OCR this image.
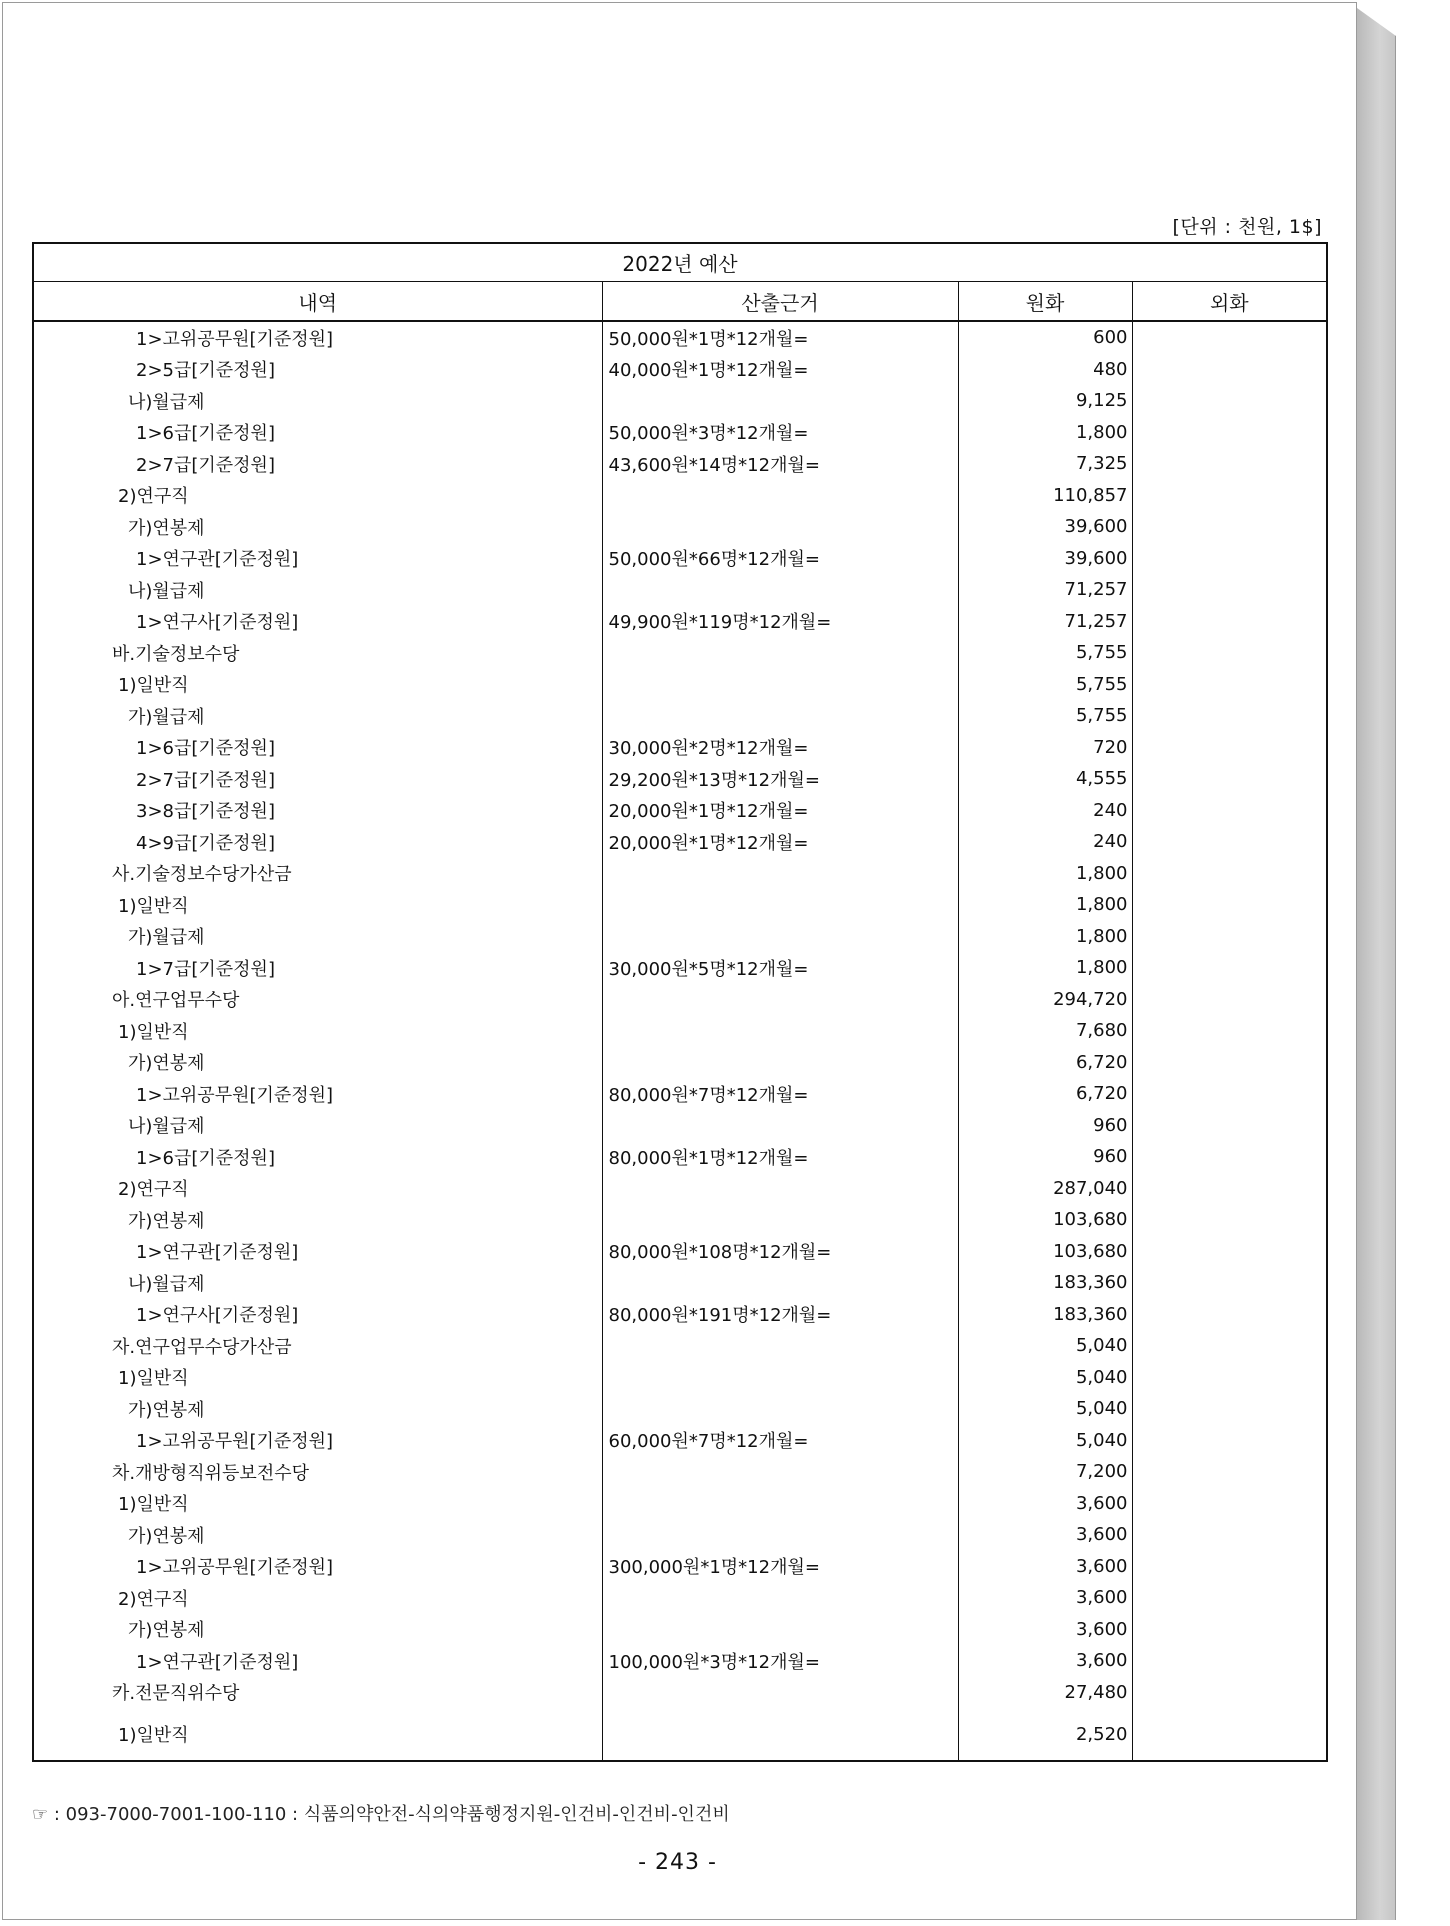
[단위 : 천원, 1$]
2022년 예산			
내역	산출근거	원화	외화
1>고위공무원[기준정원]	50,000원*1명*12개월=	600	
2>5급[기준정원]	40,000원*1명*12개월=	480	
나)월급제		9,125	
1>6급[기준정원]	50,000원*3명*12개월=	1,800	
2>7급[기준정원]	43,600원*14명*12개월=	7,325	
2)연구직		110,857	
가)연봉제		39,600	
1>연구관[기준정원]	50,000원*66명*12개월=	39,600	
나)월급제		71,257	
1>연구사[기준정원]	49,900원*119명*12개월=	71,257	
바.기술정보수당		5,755	
1)일반직		5,755	
가)월급제		5,755	
1>6급[기준정원]	30,000원*2명*12개월=	720	
2>7급[기준정원]	29,200원*13명*12개월=	4,555	
3>8급[기준정원]	20,000원*1명*12개월=	240	
4>9급[기준정원]	20,000원*1명*12개월=	240	
사.기술정보수당가산금		1,800	
1)일반직		1,800	
가)월급제		1,800	
1>7급[기준정원]	30,000원*5명*12개월=	1,800	
아.연구업무수당		294,720	
1)일반직		7,680	
가)연봉제		6,720	
1>고위공무원[기준정원]	80,000원*7명*12개월=	6,720	
나)월급제		960	
1>6급[기준정원]	80,000원*1명*12개월=	960	
2)연구직		287,040	
가)연봉제		103,680	
1>연구관[기준정원]	80,000원*108명*12개월=	103,680	
나)월급제		183,360	
1>연구사[기준정원]	80,000원*191명*12개월=	183,360	
자.연구업무수당가산금		5,040	
1)일반직		5,040	
가)연봉제		5,040	
1>고위공무원[기준정원]	60,000원*7명*12개월=	5,040	
차.개방형직위등보전수당		7,200	
1)일반직		3,600	
가)연봉제		3,600	
1>고위공무원[기준정원]	300,000원*1명*12개월=	3,600	
2)연구직		3,600	
가)연봉제		3,600	
1>연구관[기준정원]	100,000원*3명*12개월=	3,600	
카.전문직위수당		27,480	
1)일반직		2,520	
☞ : 093-7000-7001-100-110 : 식품의약안전-식의약품행정지원-인건비-인건비-인건비
- 243 -
